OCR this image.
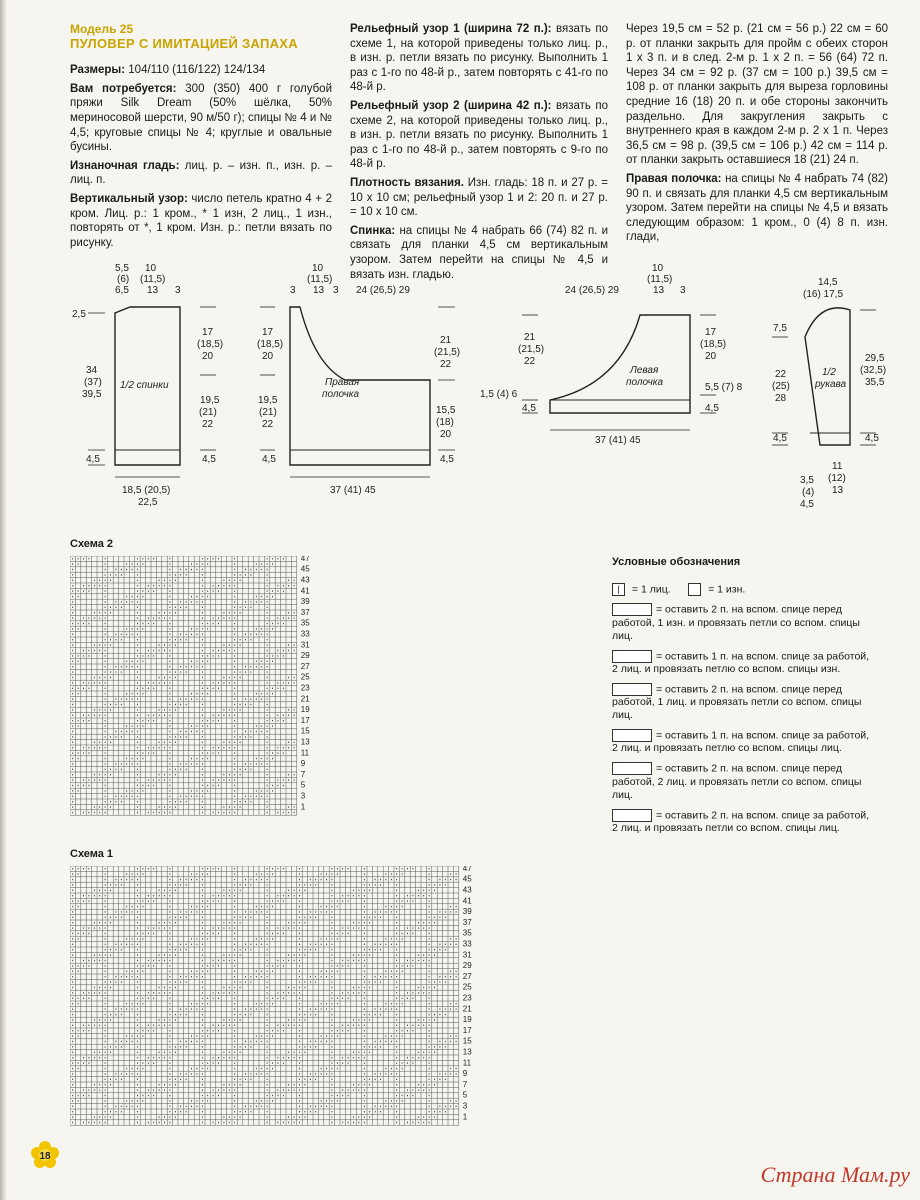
Модель 25
ПУЛОВЕР С ИМИТАЦИЕЙ ЗАПАХА

Размеры: 104/110 (116/122) 124/134

Вам потребуется: 300 (350) 400 г голубой пряжи Silk Dream (50% шёлка, 50% мериносовой шерсти, 90 м/50 г); спицы № 4 и № 4,5; круговые спицы № 4; круглые и овальные бусины.

Изнаночная гладь: лиц. р. – изн. п., изн. р. – лиц. п.

Вертикальный узор: число петель кратно 4 + 2 кром. Лиц. р.: 1 кром., * 1 изн, 2 лиц., 1 изн., повторять от *, 1 кром. Изн. р.: петли вязать по рисунку.

Рельефный узор 1 (ширина 72 п.): вязать по схеме 1, на которой приведены только лиц. р., в изн. р. петли вязать по рисунку. Выполнить 1 раз с 1-го по 48-й р., затем повторять с 41-го по 48-й р.

Рельефный узор 2 (ширина 42 п.): вязать по схеме 2, на которой приведены только лиц. р., в изн. р. петли вязать по рисунку. Выполнить 1 раз с 1-го по 48-й р., затем повторять с 9-го по 48-й р.

Плотность вязания. Изн. гладь: 18 п. и 27 р. = 10 х 10 см; рельефный узор 1 и 2: 20 п. и 27 р. = 10 х 10 см.

Спинка: на спицы № 4 набрать 66 (74) 82 п. и связать для планки 4,5 см вертикальным узором. Затем перейти на спицы № 4,5 и вязать изн. гладью.

Через 19,5 см = 52 р. (21 см = 56 р.) 22 см = 60 р. от планки закрыть для пройм с обеих сторон 1 х 3 п. и в след. 2-м р. 1 х 2 п. = 56 (64) 72 п. Через 34 см = 92 р. (37 см = 100 р.) 39,5 см = 108 р. от планки закрыть для выреза горловины средние 16 (18) 20 п. и обе стороны закончить раздельно. Для закругления закрыть с внутреннего края в каждом 2-м р. 2 х 1 п. Через 36,5 см = 98 р. (39,5 см = 106 р.) 42 см = 114 р. от планки закрыть оставшиеся 18 (21) 24 п.

Правая полочка: на спицы № 4 набрать 74 (82) 90 п. и связать для планки 4,5 см вертикальным узором. Затем перейти на спицы № 4,5 и вязать следующим образом: 1 кром., 0 (4) 8 п. изн. глади,

1/2 спинки
5,5
(6)
6,5
10
(11,5)
13 3
2,5
34
(37)
39,5
4,5
17
(18,5)
20
19,5
(21)
22
4,5
18,5 (20,5)
22,5
Правая
полочка
17
(18,5)
20
19,5
(21)
22
4,5
3
10
(11,5)
13 3 24 (26,5) 29
21
(21,5)
22
15,5
(18)
20
4,5
37 (41) 45
Левая
полочка
24 (26,5) 29
10
(11,5)
13 3
21
(21,5)
22
1,5 (4) 6
4,5
17
(18,5)
20
5,5 (7) 8
4,5
37 (41) 45
1/2
рукава
14,5
(16) 17,5
7,5
22
(25)
28
4,5
29,5
(32,5)
35,5
4,5
3,5
(4)
4,5
11
(12)
13
Схема 2
47
45
43
41
39
37
35
33
31
29
27
25
23
21
19
17
15
13
11
9
7
5
3
1
Условные обозначения
| = 1 лиц.	= 1 изн.
= оставить 2 п. на вспом. спице перед работой, 1 изн. и провязать петли со вспом. спицы лиц.
= оставить 1 п. на вспом. спице за работой, 2 лиц. и провязать петлю со вспом. спицы изн.
= оставить 2 п. на вспом. спице перед работой, 1 лиц. и провязать петли со вспом. спицы лиц.
= оставить 1 п. на вспом. спице за работой, 2 лиц. и провязать петлю со вспом. спицы лиц.
= оставить 2 п. на вспом. спице перед работой, 2 лиц. и провязать петли со вспом. спицы лиц.
= оставить 2 п. на вспом. спице за работой, 2 лиц. и провязать петли со вспом. спицы лиц.
Схема 1
47
45
43
41
39
37
35
33
31
29
27
25
23
21
19
17
15
13
11
9
7
5
3
1
18
Страна Мам.ру
